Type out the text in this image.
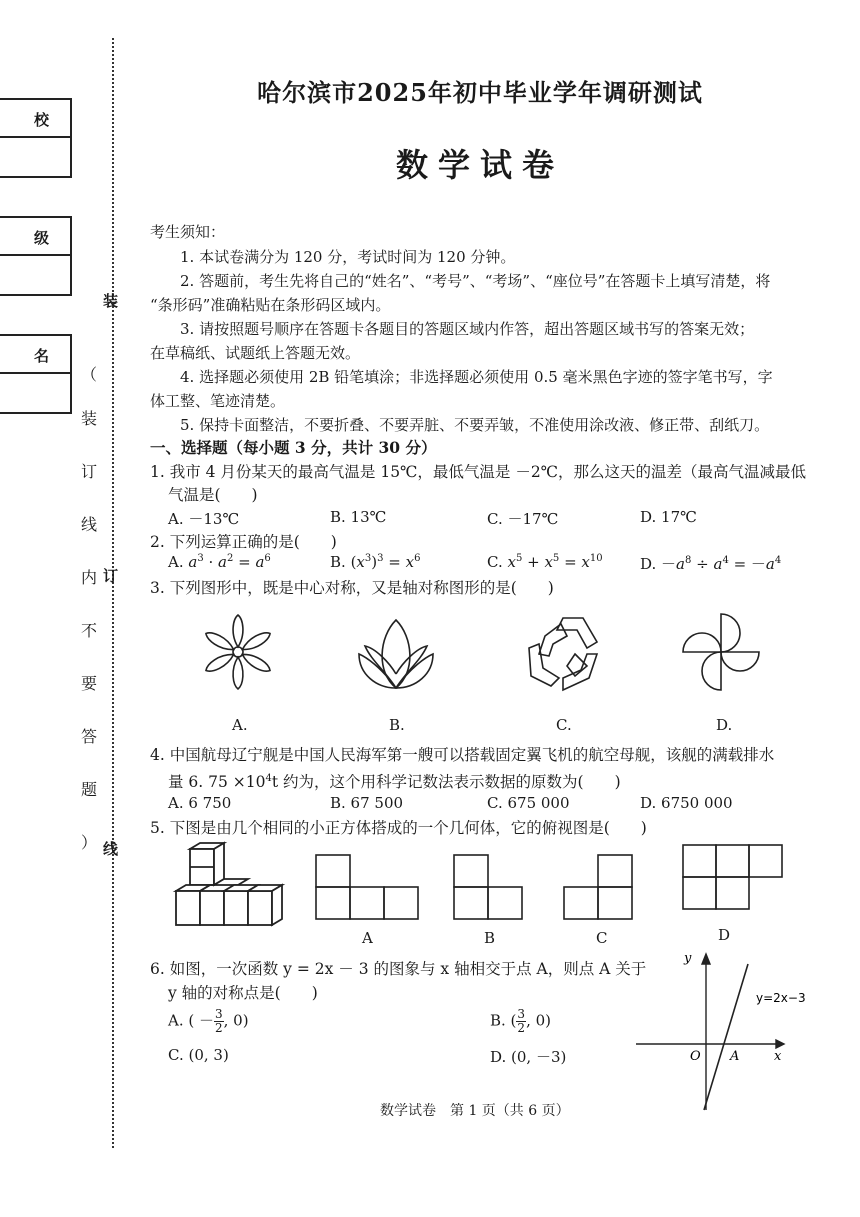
校
级
名
装
订
线
（
装
订
线
内
不
要
答
题
）
哈尔滨市2025年初中毕业学年调研测试
数学试卷
考生须知：
1. 本试卷满分为 120 分，考试时间为 120 分钟。
2. 答题前，考生先将自己的“姓名”、“考号”、“考场”、“座位号”在答题卡上填写清楚，将
“条形码”准确粘贴在条形码区域内。
3. 请按照题号顺序在答题卡各题目的答题区域内作答，超出答题区域书写的答案无效；
在草稿纸、试题纸上答题无效。
4. 选择题必须使用 2B 铅笔填涂；非选择题必须使用 0.5 毫米黑色字迹的签字笔书写，字
体工整、笔迹清楚。
5. 保持卡面整洁，不要折叠、不要弄脏、不要弄皱，不准使用涂改液、修正带、刮纸刀。
一、选择题（每小题 3 分，共计 30 分）
1. 我市 4 月份某天的最高气温是 15℃，最低气温是 －2℃，那么这天的温差（最高气温减最低
气温是(　　)
A. －13℃	B. 13℃	C. －17℃	D. 17℃
2. 下列运算正确的是(　　)
A. $a^3 \cdot a^2 = a^6$	B. $(x^3)^3 = x^6$	C. $x^5 + x^5 = x^{10}$ D. $-a^8 \div a^4 = -a^4$
3. 下列图形中，既是中心对称，又是轴对称图形的是(　　)
A.	B.	C.	D.
4. 中国航母辽宁舰是中国人民海军第一艘可以搭载固定翼飞机的航空母舰，该舰的满载排水
量 6. $75 \times 10^4t$ 约为，这个用科学记数法表示数据的原数为(　　)
A. 6 750	B. 67 500	C. 675 000	D. 6750 000
5. 下图是由几个相同的小正方体搭成的一个几何体，它的俯视图是(　　)
A	B	C	D
6. 如图，一次函数 y = 2x － 3 的图象与 x 轴相交于点 A，则点 A 关于
y 轴的对称点是(　　)
A. ( － $\frac{3}{2}$ , 0)	B. ( $\frac{3}{2}$ , 0)
C. (0, 3)	D. (0, －3)
y
x
O A
y=2x−3
数学试卷　第 1 页（共 6 页）
